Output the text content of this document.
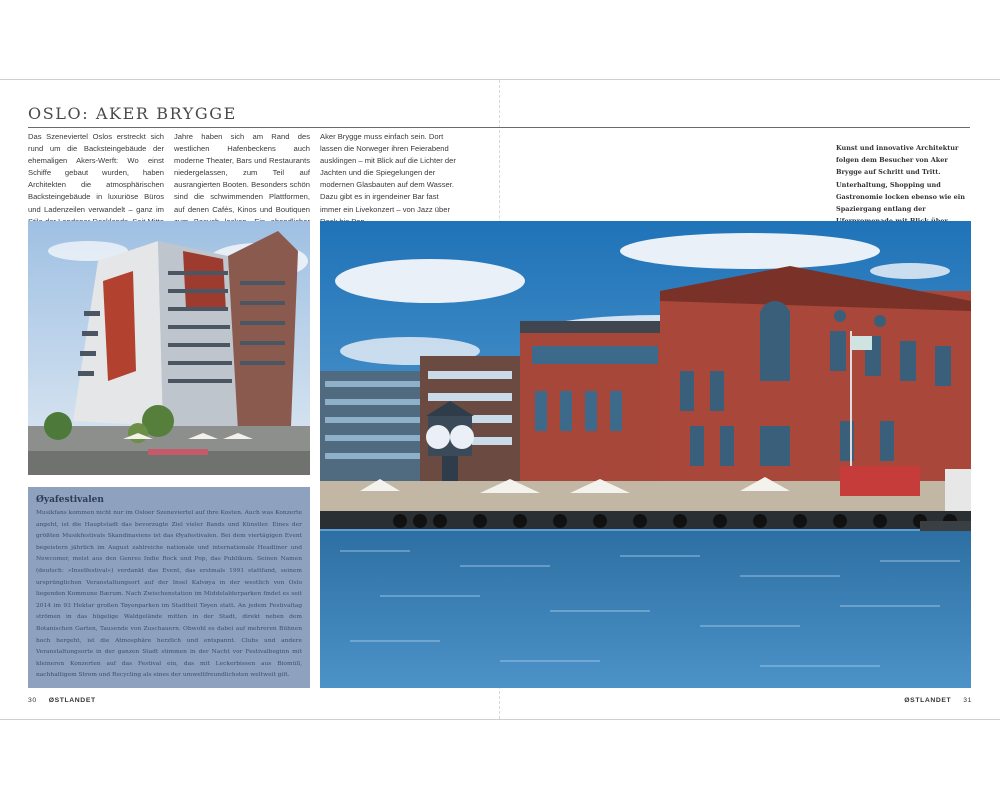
OSLO: AKER BRYGGE

Das Szeneviertel Oslos erstreckt sich rund um die Backsteingebäude der ehemaligen Akers-Werft: Wo einst Schiffe gebaut wurden, haben Architekten die atmosphärischen Backsteingebäude in luxuriöse Büros und Ladenzeilen verwandelt – ganz im

Jahre haben sich am Rand des westlichen Hafenbeckens auch moderne Theater, Bars und Restaurants niedergelassen, zum Teil auf ausrangierten Booten. Besonders schön sind die schwimmenden Plattformen, auf denen Cafés, Kinos und Boutiquen

Aker Brygge muss einfach sein. Dort lassen die Norweger ihren Feierabend ausklingen – mit Blick auf die Lichter der Jachten und die Spiegelungen der modernen Glasbauten auf dem Wasser. Dazu gibt es in irgendeiner Bar fast immer ein Livekonzert – von Jazz über

Kunst und innovative Architektur folgen dem Besucher von Aker Brygge auf Schritt und Tritt. Unterhaltung, Shopping und Gastronomie locken ebenso wie ein Spaziergang entlang der

Øyafestivalen

Musikfans kommen nicht nur im Osloer Szeneviertel auf ihre Kosten. Auch was Konzerte angeht, ist die Hauptstadt das bevorzugte Ziel vieler Bands und Künstler. Eines der größten Musikfestivals Skandinaviens ist das Øyafestivalen. Bei dem viertägigen Event begeistern jährlich im August zahlreiche nationale und internationale Headliner und Newcomer, meist aus den Genres Indie Rock und Pop, das Publikum. Seinen Namen (deutsch: »Inselfestival«) verdankt das Event, das erstmals 1991 stattfand, seinem ursprünglichen Veranstaltungsort auf der Insel Kalvøya in der westlich von Oslo liegenden Kommune Bærum. Nach Zwischenstation im Middelalderparken findet es seit 2014 im 93 Hektar großen Tøyenparken im Stadtteil Tøyen statt. An jedem Festivaltag strömen in das hügelige Waldgelände mitten in der Stadt, direkt neben dem Botanischen Garten, Tausende von Zuschauern. Obwohl es dabei auf mehreren Bühnen hoch hergeht, ist die Atmosphäre herzlich und entspannt. Clubs und andere Veranstaltungsorte in der ganzen Stadt stimmen in der Nacht vor Festivalbeginn mit kleineren Konzerten auf das Festival ein, das mit Leckerbissen aus Biomüll, nachhaltigem Strom und Recycling als eines der umweltfreundlichsten weltweit gilt.

30 ØSTLANDET	ØSTLANDET 31
